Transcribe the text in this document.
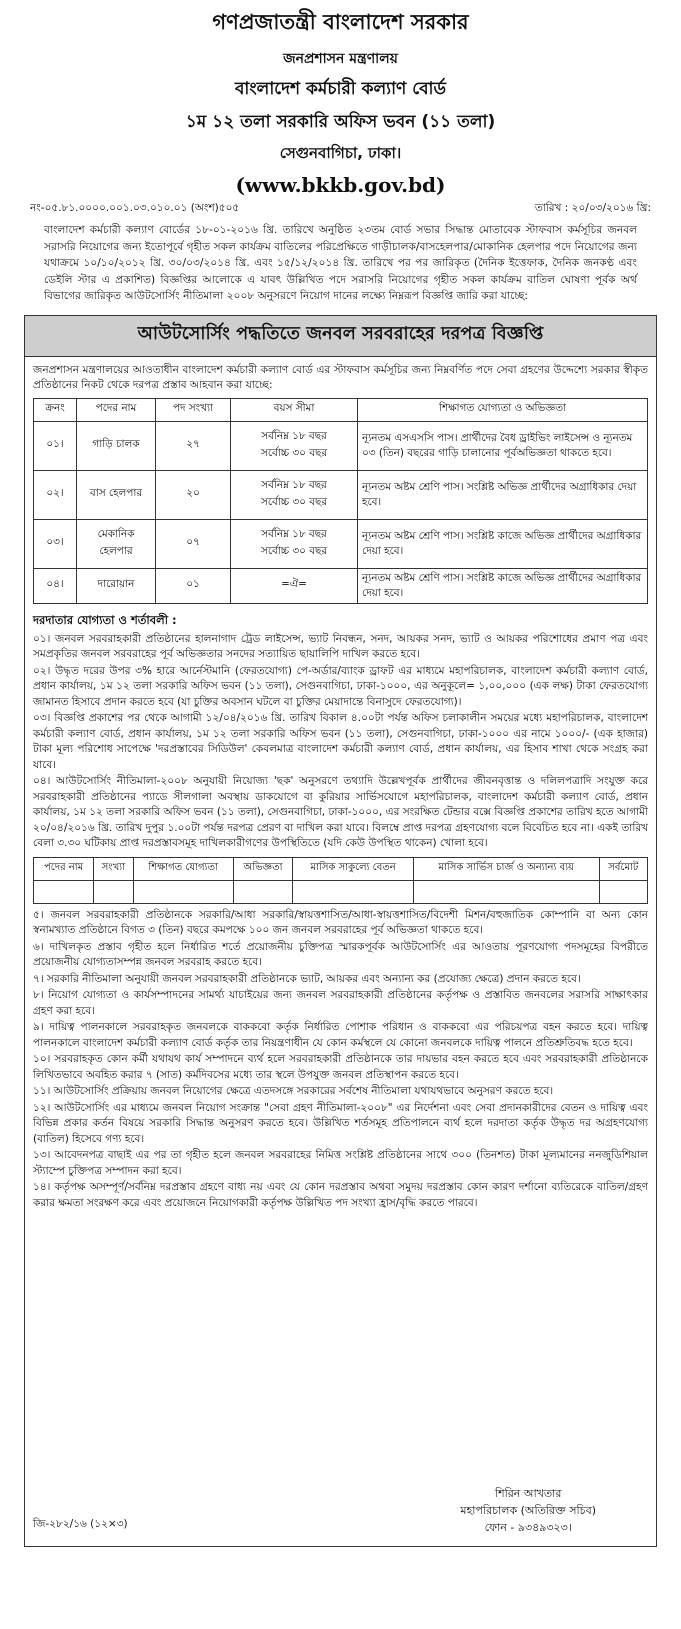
গণপ্রজাতন্ত্রী বাংলাদেশ সরকার
জনপ্রশাসন মন্ত্রণালয়
বাংলাদেশ কর্মচারী কল্যাণ বোর্ড
১ম ১২ তলা সরকারি অফিস ভবন (১১ তলা)
সেগুনবাগিচা, ঢাকা।
(www.bkkb.gov.bd)
নং-০৫.৮১.০০০০.০০১.০৩.০১০.০১ (অংশ)৫০৫	তারিখ : ২০/০৩/২০১৬ খ্রি:
বাংলাদেশ কর্মচারী কল্যাণ বোর্ডের ১৮-০১-২০১৬ খ্রি. তারিখে অনুষ্ঠিত ২৩তম বোর্ড সভার সিদ্ধান্ত মোতাবেক স্টাফবাস কর্মসূচির জনবল সরাসরি নিয়োগের জন্য ইতোপূর্বে গৃহীত সকল কার্যক্রম বাতিলের পরিপ্রেক্ষিতে গাড়ীচালক/বাসহেলপার/মোকানিক হেলপার পদে নিয়োগের জন্য যথাক্রমে ১০/১০/২০১২ খ্রি. ৩০/০৩/২০১৪ খ্রি. এবং ১৫/১২/২০১৪ খ্রি. তারিখে পর পর জারিকৃত (দৈনিক ইত্তেফাক, দৈনিক জনকণ্ঠ এবং ডেইলি স্টার এ প্রকাশিত) বিজ্ঞপ্তির আলোকে এ যাবৎ উল্লিখিত পদে সরাসরি নিয়োগের গৃহীত সকল কার্যক্রম বাতিল ঘোষণা পূর্বক অর্থ বিভাগের জারিকৃত আউটসোর্সিং নীতিমালা ২০০৮ অনুসরণে নিয়োগ দানের লক্ষ্যে নিম্নরূপ বিজ্ঞপ্তি জারি করা যাচ্ছে:
আউটসোর্সিং পদ্ধতিতে জনবল সরবরাহের দরপত্র বিজ্ঞপ্তি
জনপ্রশাসন মন্ত্রণালয়ের আওতাধীন বাংলাদেশ কর্মচারী কল্যাণ বোর্ড এর স্টাফবাস কর্মসূচির জন্য নিম্নবর্ণিত পদে সেবা গ্রহণের উদ্দেশ্যে সরকার স্বীকৃত প্রতিষ্ঠানের নিকট থেকে দরপত্র প্রস্তাব আহবান করা যাচ্ছে:
ক্রনং	পদের নাম	পদ সংখ্যা	বয়স সীমা	শিক্ষাগত যোগ্যতা ও অভিজ্ঞতা
০১।	গাড়ি চালক	২৭	সর্বনিম্ন ১৮ বছর
সর্বোচ্চ ৩০ বছর	ন্যূনতম এসএসসি পাস। প্রার্থীদের বৈধ ড্রাইভিং লাইসেন্স ও ন্যূনতম ০৩ (তিন) বছরের গাড়ি চালানোর পূর্বঅভিজ্ঞতা থাকতে হবে।
০২।	বাস হেলপার	২০	সর্বনিম্ন ১৮ বছর
সর্বোচ্চ ৩০ বছর	ন্যূনতম অষ্টম শ্রেণি পাস। সংশ্লিষ্ট অভিজ্ঞ প্রার্থীদের অগ্রাধিকার দেয়া হবে।
০৩।	মেকানিক হেলপার	০৭	সর্বনিম্ন ১৮ বছর
সর্বোচ্চ ৩০ বছর	ন্যূনতম অষ্টম শ্রেণি পাস। সংশ্লিষ্ট কাজে অভিজ্ঞ প্রার্থীদের অগ্রাধিকার দেয়া হবে।
০৪।	দারোয়ান	০১	=ঐ=	ন্যূনতম অষ্টম শ্রেণি পাস। সংশ্লিষ্ট কাজে অভিজ্ঞ প্রার্থীদের অগ্রাধিকার দেয়া হবে।
দরদাতার যোগ্যতা ও শর্তাবলী :
০১। জনবল সরবরাহকারী প্রতিষ্ঠানের হালনাগাদ ট্রেড লাইসেন্স, ভ্যাট নিবন্ধন, সনদ, আয়কর সনদ, ভ্যাট ও আয়কর পরিশোধের প্রমাণ পত্র এবং সমপ্রকৃতির জনবল সরবরাহের পূর্ব অভিজ্ঞতার সনদের সত্যায়িত ছায়ালিপি দাখিল করতে হবে।
০২। উদ্ধৃত দরের উপর ৩% হারে আর্নেস্টমানি (ফেরতযোগ্য) পে-অর্ডার/ব্যাংক ড্রাফট এর মাধ্যমে মহাপরিচালক, বাংলাদেশ কর্মচারী কল্যাণ বোর্ড, প্রধান কার্যালয়, ১ম ১২ তলা সরকারি অফিস ভবন (১১ তলা), সেগুনবাগিচা, ঢাকা-১০০০, এর অনুকূলে= ১,০০,০০০ (এক লক্ষ) টাকা ফেরতযোগ্য জামানত হিসাবে প্রদান করতে হবে (যা চুক্তির অবসান ঘটলে বা চুক্তির মেয়াদান্তে বিনাসুদে ফেরতযোগ্য)।
০৩। বিজ্ঞপ্তি প্রকাশের পর থেকে আগামী ১২/০৪/২০১৬ খ্রি. তারিখ বিকাল ৪.০০টা পর্যন্ত অফিস চলাকালীন সময়ের মধ্যে মহাপরিচালক, বাংলাদেশ কর্মচারী কল্যাণ বোর্ড, প্রধান কার্যালয়, ১ম ১২ তলা সরকারি অফিস ভবন (১১ তলা), সেগুনবাগিচা, ঢাকা-১০০০ এর নামে ১০০০/- (এক হাজার) টাকা মূল্য পরিশোধ সাপেক্ষে 'দরপ্রস্তাবের সিডিউল' কেবলমাত্র বাংলাদেশ কর্মচারী কল্যাণ বোর্ড, প্রধান কার্যালয়, এর হিসাব শাখা থেকে সংগ্রহ করা যাবে।
০৪। আউটসোর্সিং নীতিমালা-২০০৮ অনুযায়ী নিয়োজ্য 'ছক' অনুসরণে তথ্যাদি উল্লেখপূর্বক প্রার্থীদের জীবনবৃত্তান্ত ও দলিলপত্রাদি সংযুক্ত করে সরবরাহকারী প্রতিষ্ঠানের প্যাডে সীলগালা অবস্থায় ডাকযোগে বা কুরিয়ার সার্ভিসযোগে মহাপরিচালক, বাংলাদেশ কর্মচারী কল্যাণ বোর্ড, প্রধান কার্যালয়, ১ম ১২ তলা সরকারি অফিস ভবন (১১ তলা), সেগুনবাগিচা, ঢাকা-১০০০, এর সংরক্ষিত টেন্ডার বক্সে বিজ্ঞপ্তি প্রকাশের তারিখ হতে আগামী ২০/০৪/২০১৬ খ্রি. তারিখ দুপুর ১.০০টা পর্যন্ত দরপত্র প্রেরণ বা দাখিল করা যাবে। বিলম্বে প্রাপ্ত দরপত্র গ্রহণযোগ্য বলে বিবেচিত হবে না। একই তারিখ বেলা ৩.৩০ ঘটিকায় প্রাপ্ত দরপ্রস্তাবসমূহ দাখিলকারীগণের উপস্থিতিতে (যদি কেউ উপস্থিত থাকেন) খোলা হবে।
পদের নাম	সংখ্যা	শিক্ষাগত যোগ্যতা	অভিজ্ঞতা	মাসিক সাকুল্যে বেতন	মাসিক সার্ভিস চার্জ ও অন্যান্য ব্যয়	সর্বমোট

৫। জনবল সরবরাহকারী প্রতিষ্ঠানকে সরকারি/আধা সরকারি/স্বায়ত্তশাসিত/আধা-স্বায়ত্তশাসিত/বিদেশী মিশন/বহুজাতিক কোম্পানি বা অন্য কোন স্বনামখ্যাত প্রতিষ্ঠানে বিগত ৩ (তিন) বছরে কমপক্ষে ১০০ জন জনবল সরবরাহের পূর্ব অভিজ্ঞতা থাকতে হবে।
৬। দাখিলকৃত প্রস্তাব গৃহীত হলে নির্ধারিত শর্তে প্রয়োজনীয় চুক্তিপত্র স্মারকপূর্বক আউটসোর্সিং এর আওতায় পূরণযোগ্য পদসমূহের বিপরীতে প্রয়োজনীয় যোগ্যতাসম্পন্ন জনবল সরবরাহ করতে হবে।
৭। সরকারি নীতিমালা অনুযায়ী জনবল সরবরাহকারী প্রতিষ্ঠানকে ভ্যাট, আয়কর এবং অন্যান্য কর (প্রযোজ্য ক্ষেত্রে) প্রদান করতে হবে।
৮। নিয়োগ যোগ্যতা ও কার্যসম্পাদনের সামর্থ্য যাচাইয়ের জন্য জনবল সরবরাহকারী প্রতিষ্ঠানের কর্তৃপক্ষ ও প্রস্তাবিত জনবলের সরাসরি সাক্ষাৎকার গ্রহণ করা হবে।
৯। দায়িত্ব পালনকালে সরবরাহকৃত জনবলকে বাককবো কর্তৃক নির্ধারিত পোশাক পরিধান ও বাককবো এর পরিচয়পত্র বহন করতে হবে। দায়িত্ব পালনকালে বাংলাদেশ কর্মচারী কল্যাণ বোর্ড কর্তৃক তার নিয়ন্ত্রণাধীন যে কোন কর্মস্থলে যে কোনো জনবলকে দায়িত্ব পালনে প্রতিশ্রুতিবদ্ধ হতে হবে।
১০। সরবরাহকৃত কোন কর্মী যথাযথ কার্য সম্পাদনে ব্যর্থ হলে সরবরাহকারী প্রতিষ্ঠানকে তার দায়ভার বহন করতে হবে এবং সরবরাহকারী প্রতিষ্ঠানকে লিখিতভাবে অবহিত করার ৭ (সাত) কর্মদিবসের মধ্যে তার স্থলে উপযুক্ত জনবল প্রতিস্থাপন করতে হবে।
১১। আউটসোর্সিং প্রক্রিয়ায় জনবল নিয়োগের ক্ষেত্রে এতদসঙ্গে সরকারের সর্বশেষ নীতিমালা যথাযথভাবে অনুসরণ করতে হবে।
১২। আউটসোর্সিং এর মাধ্যমে জনবল নিয়োগ সংক্রান্ত "সেবা গ্রহণ নীতিমালা-২০০৮" এর নির্দেশনা এবং সেবা প্রদানকারীদের বেতন ও দায়িত্ব এবং বিভিন্ন প্রকার কর্তন বিষয়ে সরকারি সিদ্ধান্ত অনুসরণ করতে হবে। উল্লিখিত শর্তসমূহ প্রতিপালনে ব্যর্থ হলে দরদাতা কর্তৃক উদ্ধৃত দর অগ্রহণযোগ্য (বাতিল) হিসেবে গণ্য হবে।
১৩। আবেদনপত্র বাছাই এর পর তা গৃহীত হলে জনবল সরবরাহের নিমিত্ত সংশ্লিষ্ট প্রতিষ্ঠানের সাথে ৩০০ (তিনশত) টাকা মূল্যমানের ননজুডিশিয়াল স্ট্যাম্পে চুক্তিপত্র সম্পাদন করা হবে।
১৪। কর্তৃপক্ষ অসম্পূর্ণ/সর্বনিম্ন দরপ্রস্তাব গ্রহণে বাধ্য নয় এবং যে কোন দরপ্রস্তাব অথবা সমুদয় দরপ্রস্তাব কোন কারণ দর্শানো ব্যতিরেকে বাতিল/গ্রহণ করার ক্ষমতা সংরক্ষণ করে এবং প্রয়োজনে নিয়োগকারী কর্তৃপক্ষ উল্লিখিত পদ সংখ্যা হ্রাস/বৃদ্ধি করতে পারবে।
জি-২৮২/১৬ (১২×৩)
শিরিন আখতার
মহাপরিচালক (অতিরিক্ত সচিব)
ফোন - ৯৩৪৯৩২৩।
